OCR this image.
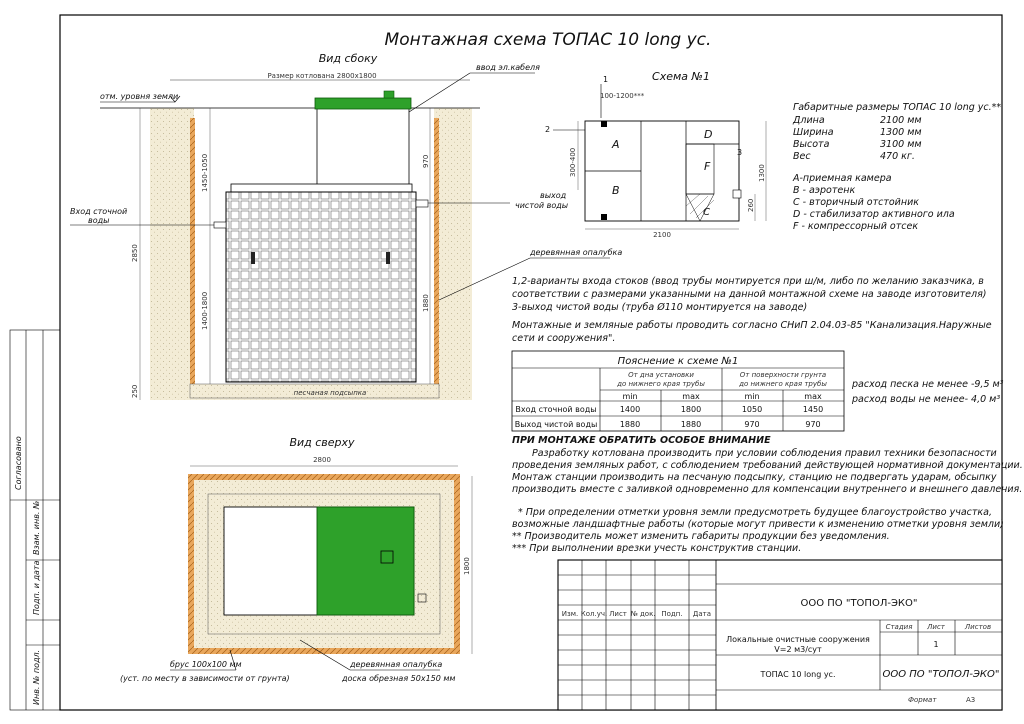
Согласовано
Взам. инв. №
Подп. и дата
Инв. № подл.
Монтажная схема ТОПАС 10 long ус.
Вид сбоку
Размер котлована 2800х1800
песчаная подсыпка
отм. уровня земли
1450-1050
1400-1800
2850
250
970
1880
ввод эл.кабеля
Вход сточной
воды
выход
чистой воды
деревянная опалубка
Вид сверху
2800
1800
брус 100х100 мм
(уст. по месту в зависимости от грунта)
деревянная опалубка
доска обрезная 50х150 мм
Схема №1
1
100-1200***
2
A
B
C
D
F
3
2100
1300
260
300-400
Габаритные размеры ТОПАС 10 long ус.**
Длина	2100 мм
Ширина	1300 мм
Высота	3100 мм
Вес	470 кг.
А-приемная камера
В - аэротенк
С - вторичный отстойник
D - стабилизатор активного ила
F - компрессорный отсек
1,2-варианты входа стоков (ввод трубы монтируется при ш/м, либо по желанию заказчика, в
соответствии с размерами указанными на данной монтажной схеме на заводе изготовителя)
3-выход чистой воды (труба Ø110 монтируется на заводе)
Монтажные и земляные работы проводить согласно СНиП 2.04.03-85 "Канализация.Наружные
сети и сооружения".
Пояснение к схеме №1
От дна установки
до нижнего края трубы
От поверхности грунта
до нижнего края трубы
min	max	min	max
Вход сточной воды	1400	1800	1050	1450
Выход чистой воды	1880	1880	970	970
расход песка не менее -9,5 м³
расход воды не менее- 4,0 м³
ПРИ МОНТАЖЕ ОБРАТИТЬ ОСОБОЕ ВНИМАНИЕ
Разработку котлована производить при условии соблюдения правил техники безопасности
проведения земляных работ, с соблюдением требований действующей нормативной документации.
Монтаж станции производить на песчаную подсыпку, станцию не подвергать ударам, обсыпку
производить вместе с заливкой одновременно для компенсации внутреннего и внешнего давления.
* При определении отметки уровня земли предусмотреть будущее благоустройство участка,
возможные ландшафтные работы (которые могут привести к изменению отметки уровня земли)
** Производитель может изменить габариты продукции без уведомления.
*** При выполнении врезки учесть конструктив станции.
Изм. Кол.уч. Лист № док. Подп. Дата
ООО ПО "ТОПОЛ-ЭКО"
Локальные очистные сооружения
V=2 м3/сут
Стадия Лист	Листов
1
ТОПАС 10 long ус.	ООО ПО "ТОПОЛ-ЭКО"
Формат	А3
